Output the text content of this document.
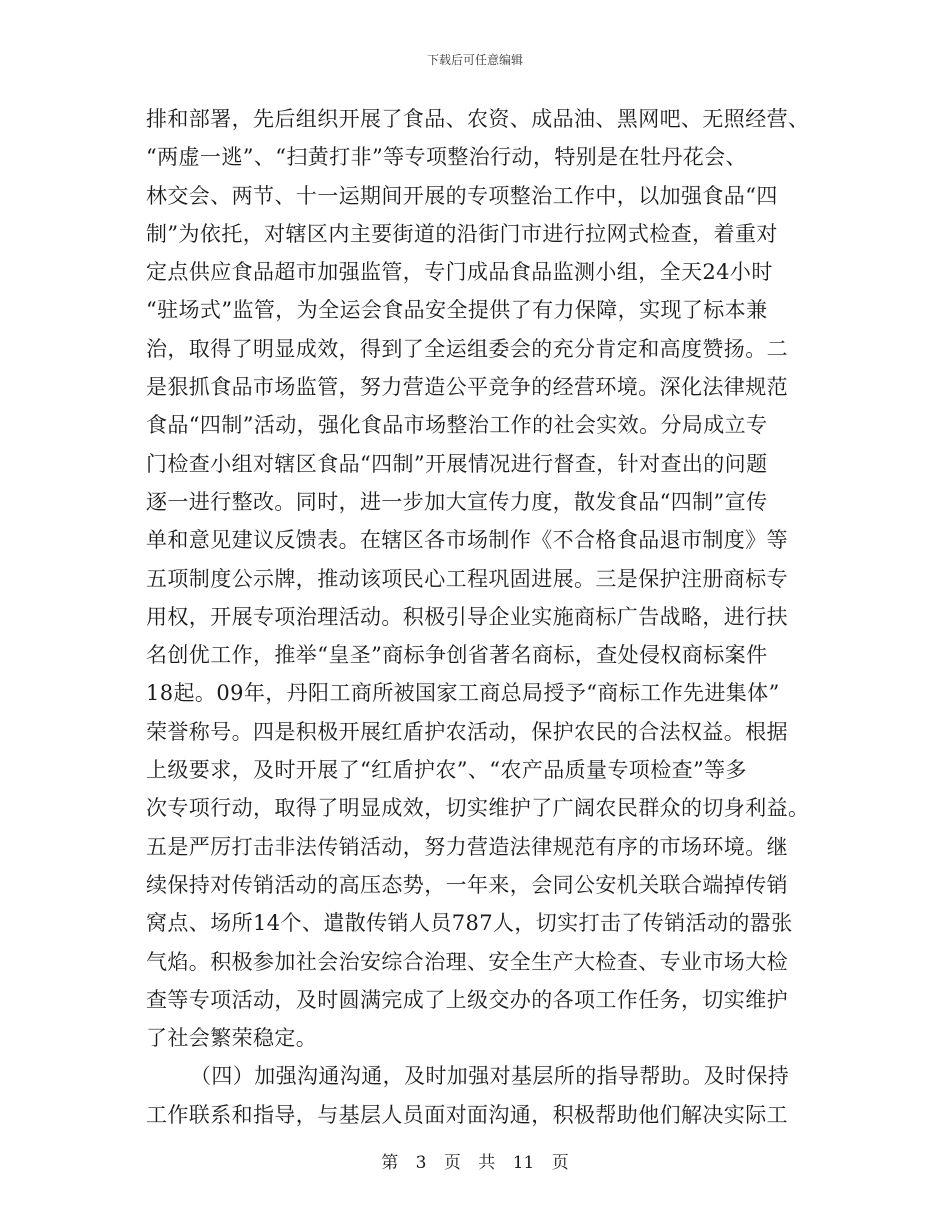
下载后可任意编辑
排和部署，先后组织开展了食品、农资、成品油、黑网吧、无照经营、
“两虚一逃”、“扫黄打非”等专项整治行动，特别是在牡丹花会、
林交会、两节、十一运期间开展的专项整治工作中，以加强食品“四
制”为依托，对辖区内主要街道的沿街门市进行拉网式检查，着重对
定点供应食品超市加强监管，专门成品食品监测小组，全天24小时
“驻场式”监管，为全运会食品安全提供了有力保障，实现了标本兼
治，取得了明显成效，得到了全运组委会的充分肯定和高度赞扬。二
是狠抓食品市场监管，努力营造公平竞争的经营环境。深化法律规范
食品“四制”活动，强化食品市场整治工作的社会实效。分局成立专
门检查小组对辖区食品“四制”开展情况进行督查，针对查出的问题
逐一进行整改。同时，进一步加大宣传力度，散发食品“四制”宣传
单和意见建议反馈表。在辖区各市场制作《不合格食品退市制度》等
五项制度公示牌，推动该项民心工程巩固进展。三是保护注册商标专
用权，开展专项治理活动。积极引导企业实施商标广告战略，进行扶
名创优工作，推举“皇圣”商标争创省著名商标，查处侵权商标案件
18起。09年，丹阳工商所被国家工商总局授予“商标工作先进集体”
荣誉称号。四是积极开展红盾护农活动，保护农民的合法权益。根据
上级要求，及时开展了“红盾护农”、“农产品质量专项检查”等多
次专项行动，取得了明显成效，切实维护了广阔农民群众的切身利益。
五是严厉打击非法传销活动，努力营造法律规范有序的市场环境。继
续保持对传销活动的高压态势，一年来，会同公安机关联合端掉传销
窝点、场所14个、遣散传销人员787人，切实打击了传销活动的嚣张
气焰。积极参加社会治安综合治理、安全生产大检查、专业市场大检
查等专项活动，及时圆满完成了上级交办的各项工作任务，切实维护
了社会繁荣稳定。
（四）加强沟通沟通，及时加强对基层所的指导帮助。及时保持
工作联系和指导，与基层人员面对面沟通，积极帮助他们解决实际工
第 3 页 共 11 页
